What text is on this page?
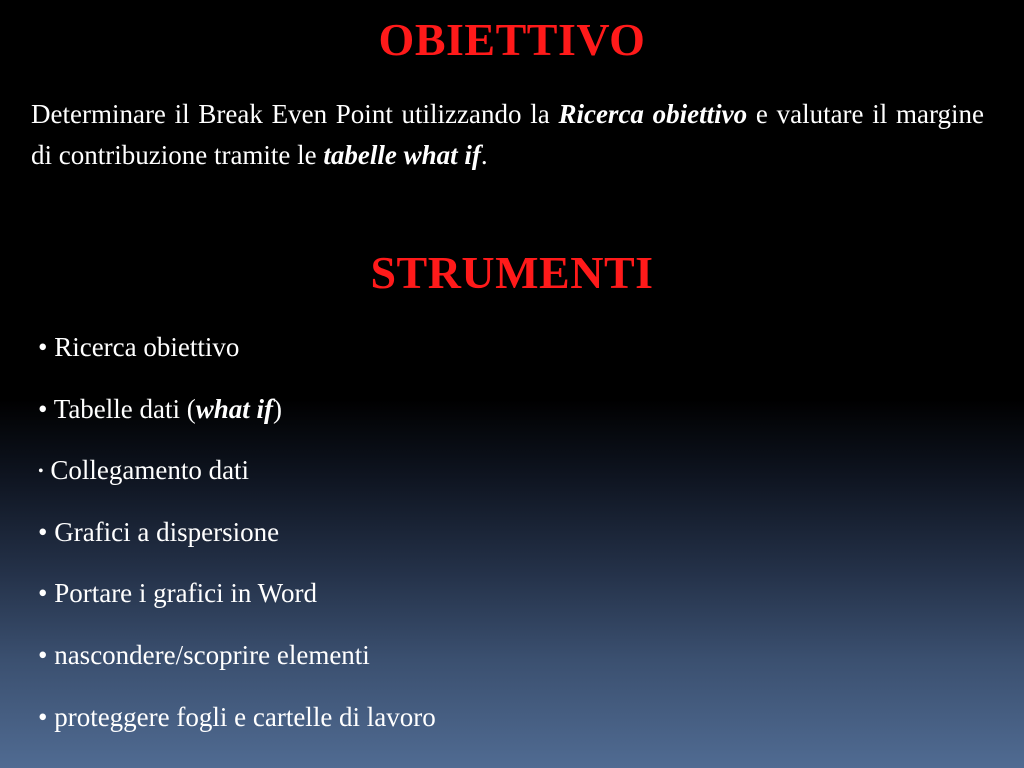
OBIETTIVO

Determinare il Break Even Point utilizzando la Ricerca obiettivo e valutare il margine di contribuzione tramite le tabelle what if.

STRUMENTI
• Ricerca obiettivo
• Tabelle dati (what if)
• Collegamento dati
• Grafici a dispersione
• Portare i grafici in Word
• nascondere/scoprire elementi
• proteggere fogli e cartelle di lavoro
